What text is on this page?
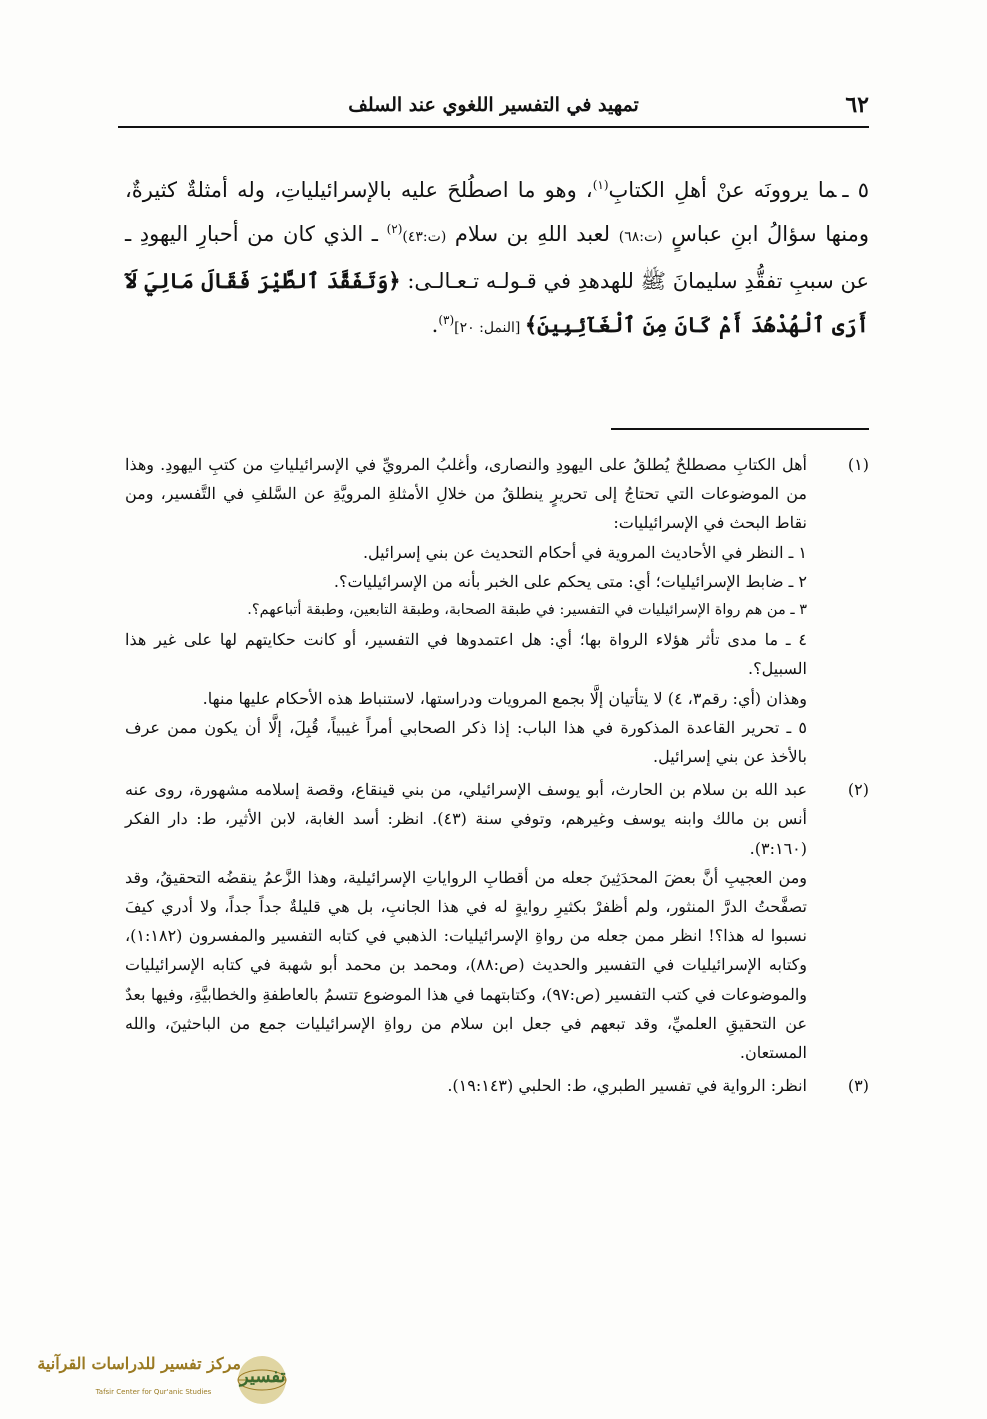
٦٢
تمهيد في التفسير اللغوي عند السلف

٥ ـما يروونَه عنْ أهلِ الكتابِ$^{(١)}$، وهو ما اصطُلحَ عليه بالإسرائيلياتِ، وله أمثلةٌ كثيرةٌ، ومنها سؤالُ ابنِ عباسٍ (ت:٦٨) لعبد اللهِ بن سلام (ت:٤٣)$^{(٢)}$ ـ الذي كان من أحبارِ اليهودِ ـ عن سببِ تفقُّدِ سليمانَ ﷺ للهدهدِ في قـولـه تـعـالـى: ﴿وَتَفَقَّدَ ٱلطَّيْرَ فَقَالَ مَالِيَ لَآ أَرَى ٱلْهُدْهُدَ أَمْ كَانَ مِنَ ٱلْغَآئِبِينَ﴾ [النمل: ٢٠]$^{(٣)}$.

(١)

أهل الكتابِ مصطلحٌ يُطلقُ على اليهودِ والنصارى، وأغلبُ المرويِّ في الإسرائيلياتِ من كتبِ اليهودِ. وهذا من الموضوعات التي تحتاجُ إلى تحريرٍ ينطلقُ من خلالِ الأمثلةِ المرويَّةِ عن السَّلفِ في التَّفسير، ومن نقاط البحث في الإسرائيليات:

١ ـ النظر في الأحاديث المروية في أحكام التحديث عن بني إسرائيل.

٢ ـ ضابط الإسرائيليات؛ أي: متى يحكم على الخبر بأنه من الإسرائيليات؟.

٣ ـ من هم رواة الإسرائيليات في التفسير: في طبقة الصحابة، وطبقة التابعين، وطبقة أتباعهم؟.

٤ ـ ما مدى تأثر هؤلاء الرواة بها؛ أي: هل اعتمدوها في التفسير، أو كانت حكايتهم لها على غير هذا السبيل؟.

وهذان (أي: رقم٣، ٤) لا يتأتيان إلَّا بجمع المرويات ودراستها، لاستنباط هذه الأحكام عليها منها.

٥ ـ تحرير القاعدة المذكورة في هذا الباب: إذا ذكر الصحابي أمراً غيبياً، قُبِلَ، إلَّا أن يكون ممن عرف بالأخذ عن بني إسرائيل.

(٢)

عبد الله بن سلام بن الحارث، أبو يوسف الإسرائيلي، من بني قينقاع، وقصة إسلامه مشهورة، روى عنه أنس بن مالك وابنه يوسف وغيرهم، وتوفي سنة (٤٣). انظر: أسد الغابة، لابن الأثير، ط: دار الفكر (٣:١٦٠).

ومن العجيبِ أنَّ بعضَ المحدَثِينَ جعله من أقطابِ الرواياتِ الإسرائيلية، وهذا الزَّعمُ ينقضُه التحقيقُ، وقد تصفَّحتُ الدرَّ المنثور، ولم أظفرْ بكثيرِ روايةٍ له في هذا الجانبِ، بل هي قليلةٌ جداً جداً، ولا أدري كيفَ نسبوا له هذا؟! انظر ممن جعله من رواةِ الإسرائيليات: الذهبي في كتابه التفسير والمفسرون (١:١٨٢)، وكتابه الإسرائيليات في التفسير والحديث (ص:٨٨)، ومحمد بن محمد أبو شهبة في كتابه الإسرائيليات والموضوعات في كتب التفسير (ص:٩٧)، وكتابتهما في هذا الموضوع تتسمُ بالعاطفةِ والخطابيَّةِ، وفيها بعدٌ عن التحقيقِ العلميِّ، وقد تبعهم في جعل ابن سلام من رواةِ الإسرائيليات جمع من الباحثينَ، والله المستعان.

(٣)

انظر: الرواية في تفسير الطبري، ط: الحلبي (١٩:١٤٣).

مركز تفسير للدراسات القرآنية
Tafsir Center for Qur'anic Studies
تفسير
